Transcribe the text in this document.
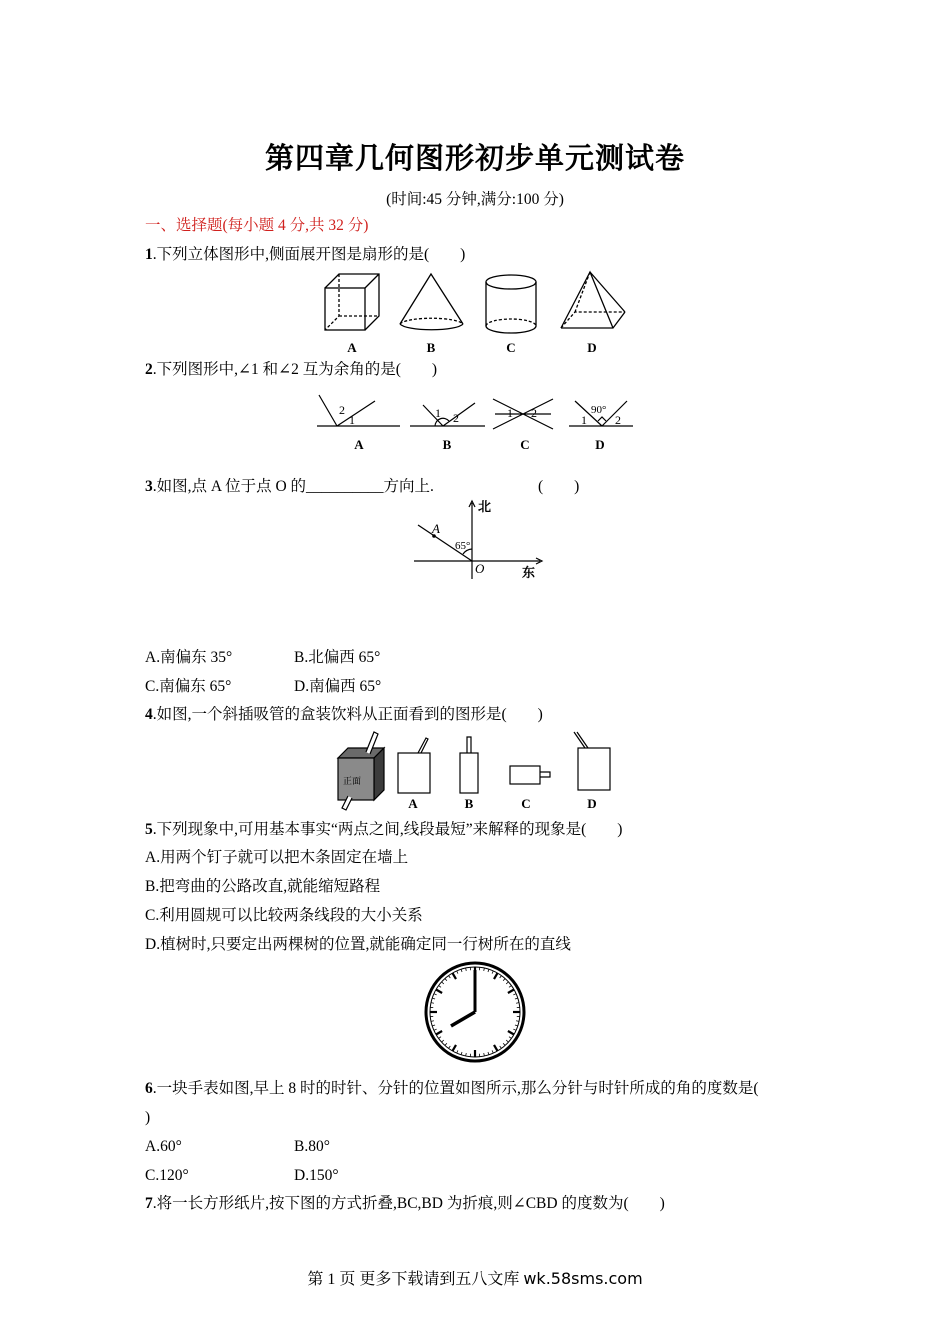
第四章几何图形初步单元测试卷
(时间:45 分钟,满分:100 分)
一、选择题(每小题 4 分,共 32 分)
1.下列立体图形中,侧面展开图是扇形的是(　　)
A	B	C	D
2.下列图形中,∠1 和∠2 互为余角的是(　　)
2
1	1 2	1 2	90°
1 2
A	B	C	D
3.如图,点 A 位于点 O 的__________方向上.	(　　)
北
东
A
O
65°
A.南偏东 35°	B.北偏西 65°
C.南偏东 65°	D.南偏西 65°
4.如图,一个斜插吸管的盒装饮料从正面看到的图形是(　　)
正面
A	B	C	D
5.下列现象中,可用基本事实“两点之间,线段最短”来解释的现象是(　　)
A.用两个钉子就可以把木条固定在墙上
B.把弯曲的公路改直,就能缩短路程
C.利用圆规可以比较两条线段的大小关系
D.植树时,只要定出两棵树的位置,就能确定同一行树所在的直线
6.一块手表如图,早上 8 时的时针、分针的位置如图所示,那么分针与时针所成的角的度数是(
)
A.60°	B.80°
C.120°	D.150°
7.将一长方形纸片,按下图的方式折叠,BC,BD 为折痕,则∠CBD 的度数为(　　)
第 1 页 更多下载请到五八文库 wk.58sms.com
